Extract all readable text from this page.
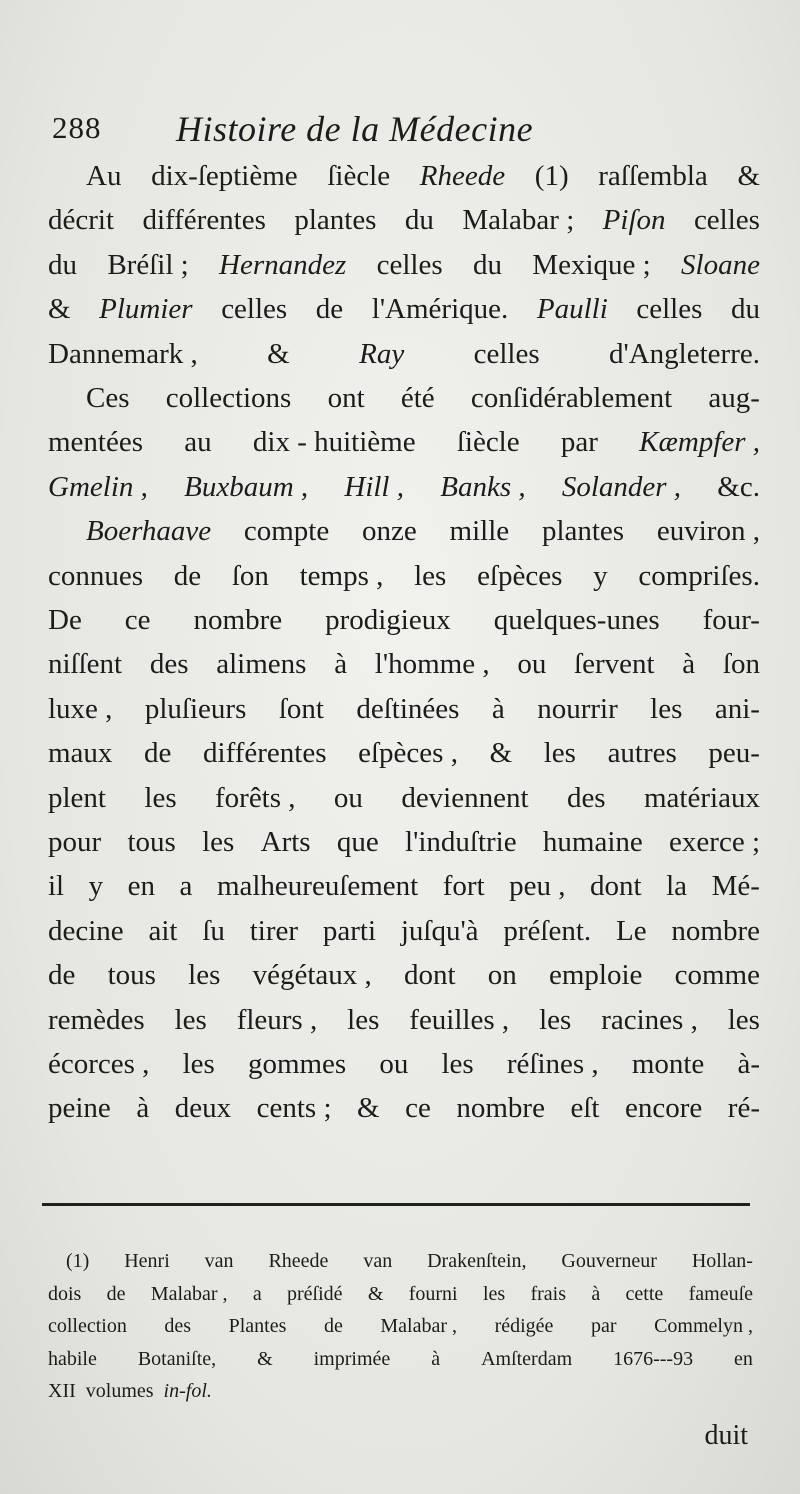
288 Histoire de la Médecine
Au dix-ſeptième ſiècle Rheede (1) raſſembla &
décrit différentes plantes du Malabar ; Piſon celles
du Bréſil ; Hernandez celles du Mexique ; Sloane
& Plumier celles de l'Amérique. Paulli celles du
Dannemark , & Ray celles d'Angleterre.
Ces collections ont été conſidérablement aug-
mentées au dix - huitième ſiècle par Kæmpfer ,
Gmelin , Buxbaum , Hill , Banks , Solander , &c.
Boerhaave compte onze mille plantes euviron ,
connues de ſon temps , les eſpèces y compriſes.
De ce nombre prodigieux quelques-unes four-
niſſent des alimens à l'homme , ou ſervent à ſon
luxe , pluſieurs ſont deſtinées à nourrir les ani-
maux de différentes eſpèces , & les autres peu-
plent les forêts , ou deviennent des matériaux
pour tous les Arts que l'induſtrie humaine exerce ;
il y en a malheureuſement fort peu , dont la Mé-
decine ait ſu tirer parti juſqu'à préſent. Le nombre
de tous les végétaux , dont on emploie comme
remèdes les fleurs , les feuilles , les racines , les
écorces , les gommes ou les réſines , monte à-
peine à deux cents ; & ce nombre eſt encore ré-
(1) Henri van Rheede van Drakenſtein, Gouverneur Hollan-
dois de Malabar , a préſidé & fourni les frais à cette fameuſe
collection des Plantes de Malabar , rédigée par Commelyn ,
habile Botaniſte, & imprimée à Amſterdam 1676---93 en
XII volumes in-fol.
duit
